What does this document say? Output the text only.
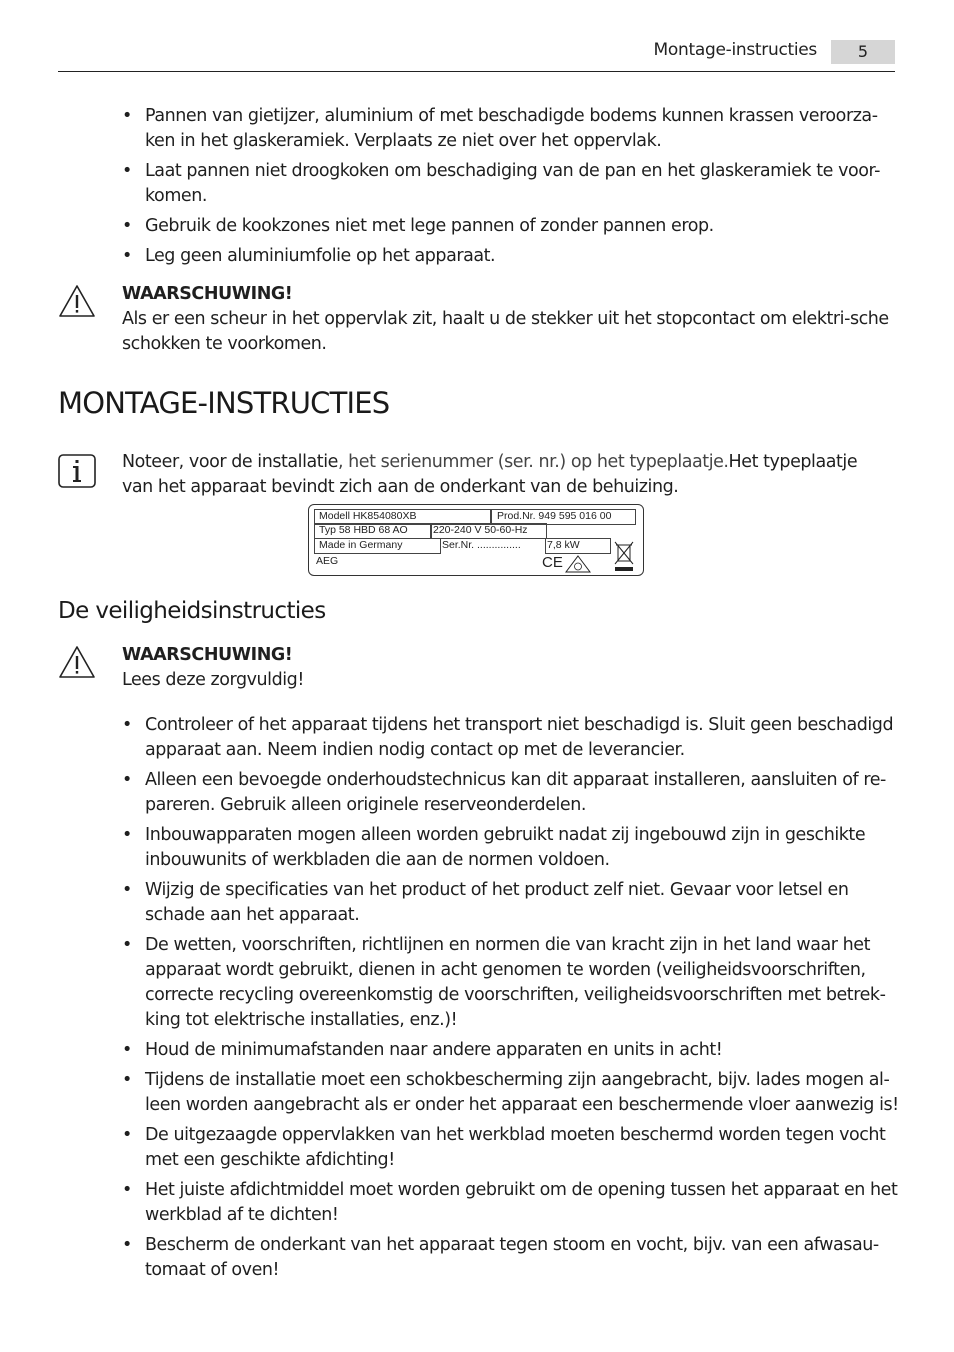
Montage-instructies	5
• Pannen van gietijzer, aluminium of met beschadigde bodems kunnen krassen veroorza-ken in het glaskeramiek. Verplaats ze niet over het oppervlak.
• Laat pannen niet droogkoken om beschadiging van de pan en het glaskeramiek te voor-komen.
• Gebruik de kookzones niet met lege pannen of zonder pannen erop.
• Leg geen aluminiumfolie op het apparaat.
WAARSCHUWING!
Als er een scheur in het oppervlak zit, haalt u de stekker uit het stopcontact om elektri-sche schokken te voorkomen.
MONTAGE-INSTRUCTIES
Noteer, voor de installatie, het serienummer (ser. nr.) op het typeplaatje.Het typeplaatje van het apparaat bevindt zich aan de onderkant van de behuizing.
Modell HK854080XB	Prod.Nr. 949 595 016 00
Typ 58 HBD 68 AO 220-240 V 50-60-Hz
Made in Germany	Ser.Nr. ............... 7,8 kW
AEG	CE
De veiligheidsinstructies
WAARSCHUWING!
Lees deze zorgvuldig!
• Controleer of het apparaat tijdens het transport niet beschadigd is. Sluit geen beschadigd apparaat aan. Neem indien nodig contact op met de leverancier.
• Alleen een bevoegde onderhoudstechnicus kan dit apparaat installeren, aansluiten of re-pareren. Gebruik alleen originele reserveonderdelen.
• Inbouwapparaten mogen alleen worden gebruikt nadat zij ingebouwd zijn in geschikte inbouwunits of werkbladen die aan de normen voldoen.
• Wijzig de specificaties van het product of het product zelf niet. Gevaar voor letsel en schade aan het apparaat.
• De wetten, voorschriften, richtlijnen en normen die van kracht zijn in het land waar het apparaat wordt gebruikt, dienen in acht genomen te worden (veiligheidsvoorschriften, correcte recycling overeenkomstig de voorschriften, veiligheidsvoorschriften met betrek-king tot elektrische installaties, enz.)!
• Houd de minimumafstanden naar andere apparaten en units in acht!
• Tijdens de installatie moet een schokbescherming zijn aangebracht, bijv. lades mogen al-leen worden aangebracht als er onder het apparaat een beschermende vloer aanwezig is!
• De uitgezaagde oppervlakken van het werkblad moeten beschermd worden tegen vocht met een geschikte afdichting!
• Het juiste afdichtmiddel moet worden gebruikt om de opening tussen het apparaat en het werkblad af te dichten!
• Bescherm de onderkant van het apparaat tegen stoom en vocht, bijv. van een afwasau-tomaat of oven!
